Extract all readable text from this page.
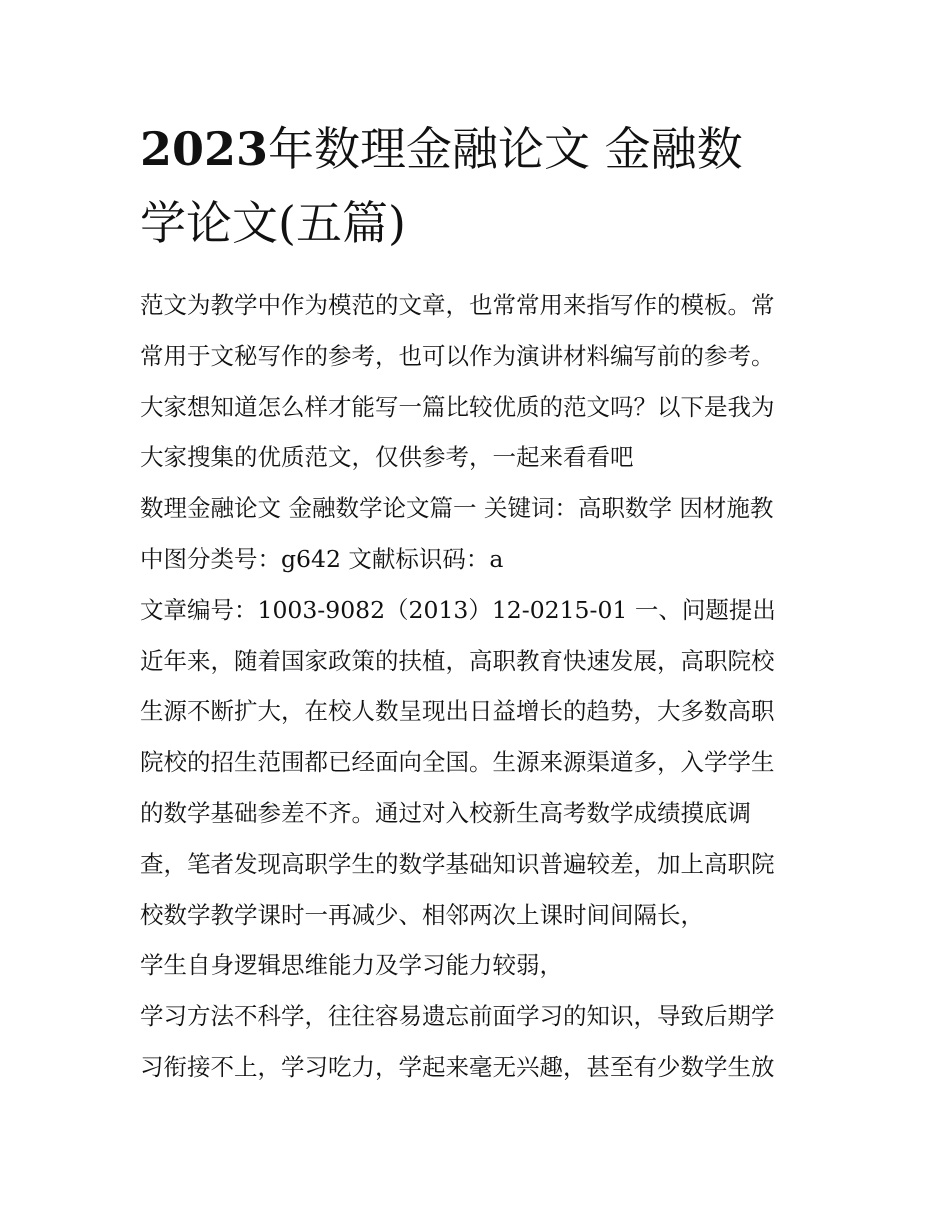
2023年数理金融论文 金融数
学论文(五篇)
范文为教学中作为模范的文章，也常常用来指写作的模板。常
常用于文秘写作的参考，也可以作为演讲材料编写前的参考。
大家想知道怎么样才能写一篇比较优质的范文吗？以下是我为
大家搜集的优质范文，仅供参考，一起来看看吧
数理金融论文 金融数学论文篇一 关键词：高职数学 因材施教
中图分类号：g642 文献标识码：a
文章编号：1003-9082（2013）12-0215-01 一、问题提出
近年来，随着国家政策的扶植，高职教育快速发展，高职院校
生源不断扩大，在校人数呈现出日益增长的趋势，大多数高职
院校的招生范围都已经面向全国。生源来源渠道多，入学学生
的数学基础参差不齐。通过对入校新生高考数学成绩摸底调
查，笔者发现高职学生的数学基础知识普遍较差，加上高职院
校数学教学课时一再减少、相邻两次上课时间间隔长，
学生自身逻辑思维能力及学习能力较弱，
学习方法不科学，往往容易遗忘前面学习的知识，导致后期学
习衔接不上，学习吃力，学起来毫无兴趣，甚至有少数学生放
